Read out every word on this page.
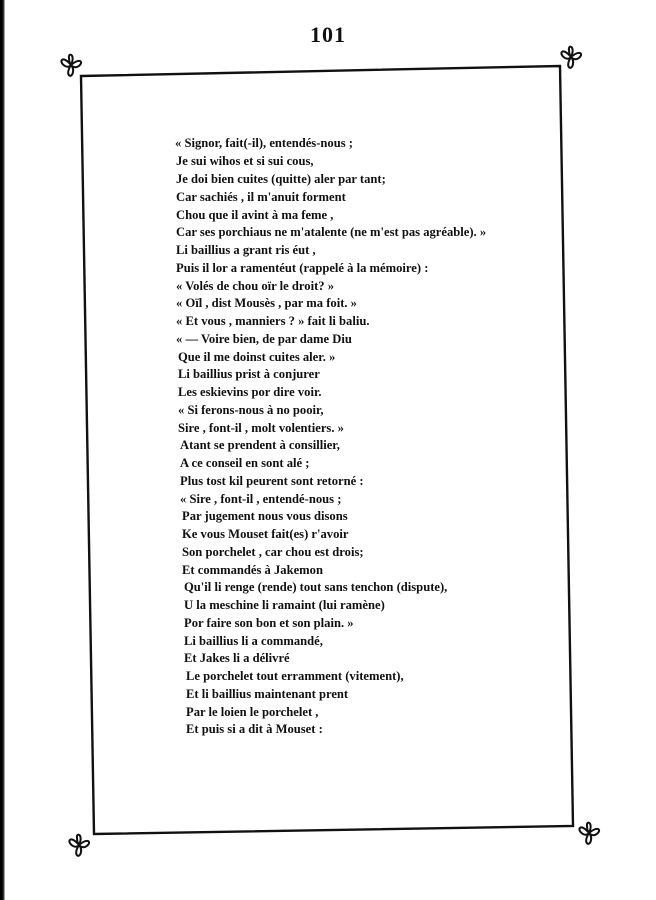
101
« Signor, fait(-il), entendés-nous ;
Je sui wihos et si sui cous,
Je doi bien cuites (quitte) aler par tant;
Car sachiés , il m'anuit forment
Chou que il avint à ma feme ,
Car ses porchiaus ne m'atalente (ne m'est pas agréable). »
Li baillius a grant ris éut ,
Puis il lor a ramentéut (rappelé à la mémoire) :
« Volés de chou oïr le droit? »
« Oïl , dist Mousès , par ma foit. »
« Et vous , manniers ? » fait li baliu.
« — Voire bien, de par dame Diu
Que il me doinst cuites aler. »
Li baillius prist à conjurer
Les eskievins por dire voir.
« Si ferons-nous à no pooir,
Sire , font-il , molt volentiers. »
Atant se prendent à consillier,
A ce conseil en sont alé ;
Plus tost kil peurent sont retorné :
« Sire , font-il , entendé-nous ;
Par jugement nous vous disons
Ke vous Mouset fait(es) r'avoir
Son porchelet , car chou est drois;
Et commandés à Jakemon
Qu'il li renge (rende) tout sans tenchon (dispute),
U la meschine li ramaint (lui ramène)
Por faire son bon et son plain. »
Li baillius li a commandé,
Et Jakes li a délivré
Le porchelet tout erramment (vitement),
Et li baillius maintenant prent
Par le loien le porchelet ,
Et puis si a dit à Mouset :
